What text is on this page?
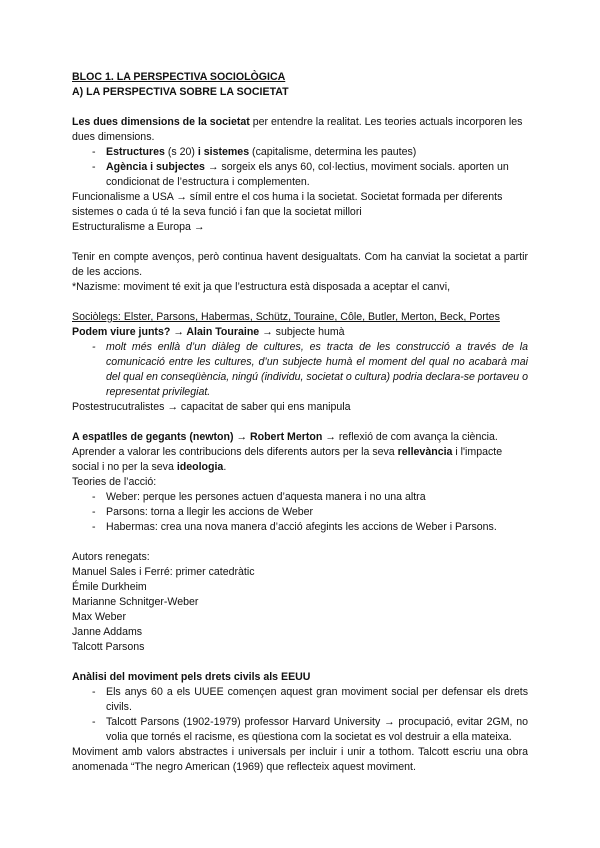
BLOC 1. LA PERSPECTIVA SOCIOLÒGICA

A) LA PERSPECTIVA SOBRE LA SOCIETAT

Les dues dimensions de la societat per entendre la realitat. Les teories actuals incorporen les dues dimensions.

- Estructures (s 20) i sistemes (capitalisme, determina les pautes)
- Agència i subjectes → sorgeix els anys 60, col·lectius, moviment socials. aporten un condicionat de l’estructura i complementen.

Funcionalisme a USA → símil entre el cos huma i la societat. Societat formada per diferents sistemes o cada ú té la seva funció i fan que la societat millori

Estructuralisme a Europa →

Tenir en compte avenços, però continua havent desigualtats. Com ha canviat la societat a partir de les accions.

*Nazisme: moviment té exit ja que l’estructura està disposada a aceptar el canvi,

Sociòlegs: Elster, Parsons, Habermas, Schütz, Touraine, Côle, Butler, Merton, Beck, Portes

Podem viure junts? → Alain Touraine → subjecte humà

- molt més enllà d’un diàleg de cultures, es tracta de les construcció a través de la comunicació entre les cultures, d’un subjecte humà el moment del qual no acabarà mai del qual en conseqüència, ningú (individu, societat o cultura) podria declara-se portaveu o representat privilegiat.

Postestrucutralistes → capacitat de saber qui ens manipula

A espatlles de gegants (newton) → Robert Merton → reflexió de com avança la ciència.

Aprender a valorar les contribucions dels diferents autors per la seva rellevància i l'impacte social i no per la seva ideologia.

Teories de l’acció:

- Weber: perque les persones actuen d’aquesta manera i no una altra
- Parsons: torna a llegir les accions de Weber
- Habermas: crea una nova manera d’acció afegints les accions de Weber i Parsons.

Autors renegats:

Manuel Sales i Ferré: primer catedràtic

Émile Durkheim

Marianne Schnitger-Weber

Max Weber

Janne Addams

Talcott Parsons

Anàlisi del moviment pels drets civils als EEUU

- Els anys 60 a els UUEE començen aquest gran moviment social per defensar els drets civils.
- Talcott Parsons (1902-1979) professor Harvard University → procupació, evitar 2GM, no volia que tornés el racisme, es qüestiona com la societat es vol destruir a ella mateixa.

Moviment amb valors abstractes i universals per incluir i unir a tothom. Talcott escriu una obra anomenada “The negro American (1969) que reflecteix aquest moviment.
